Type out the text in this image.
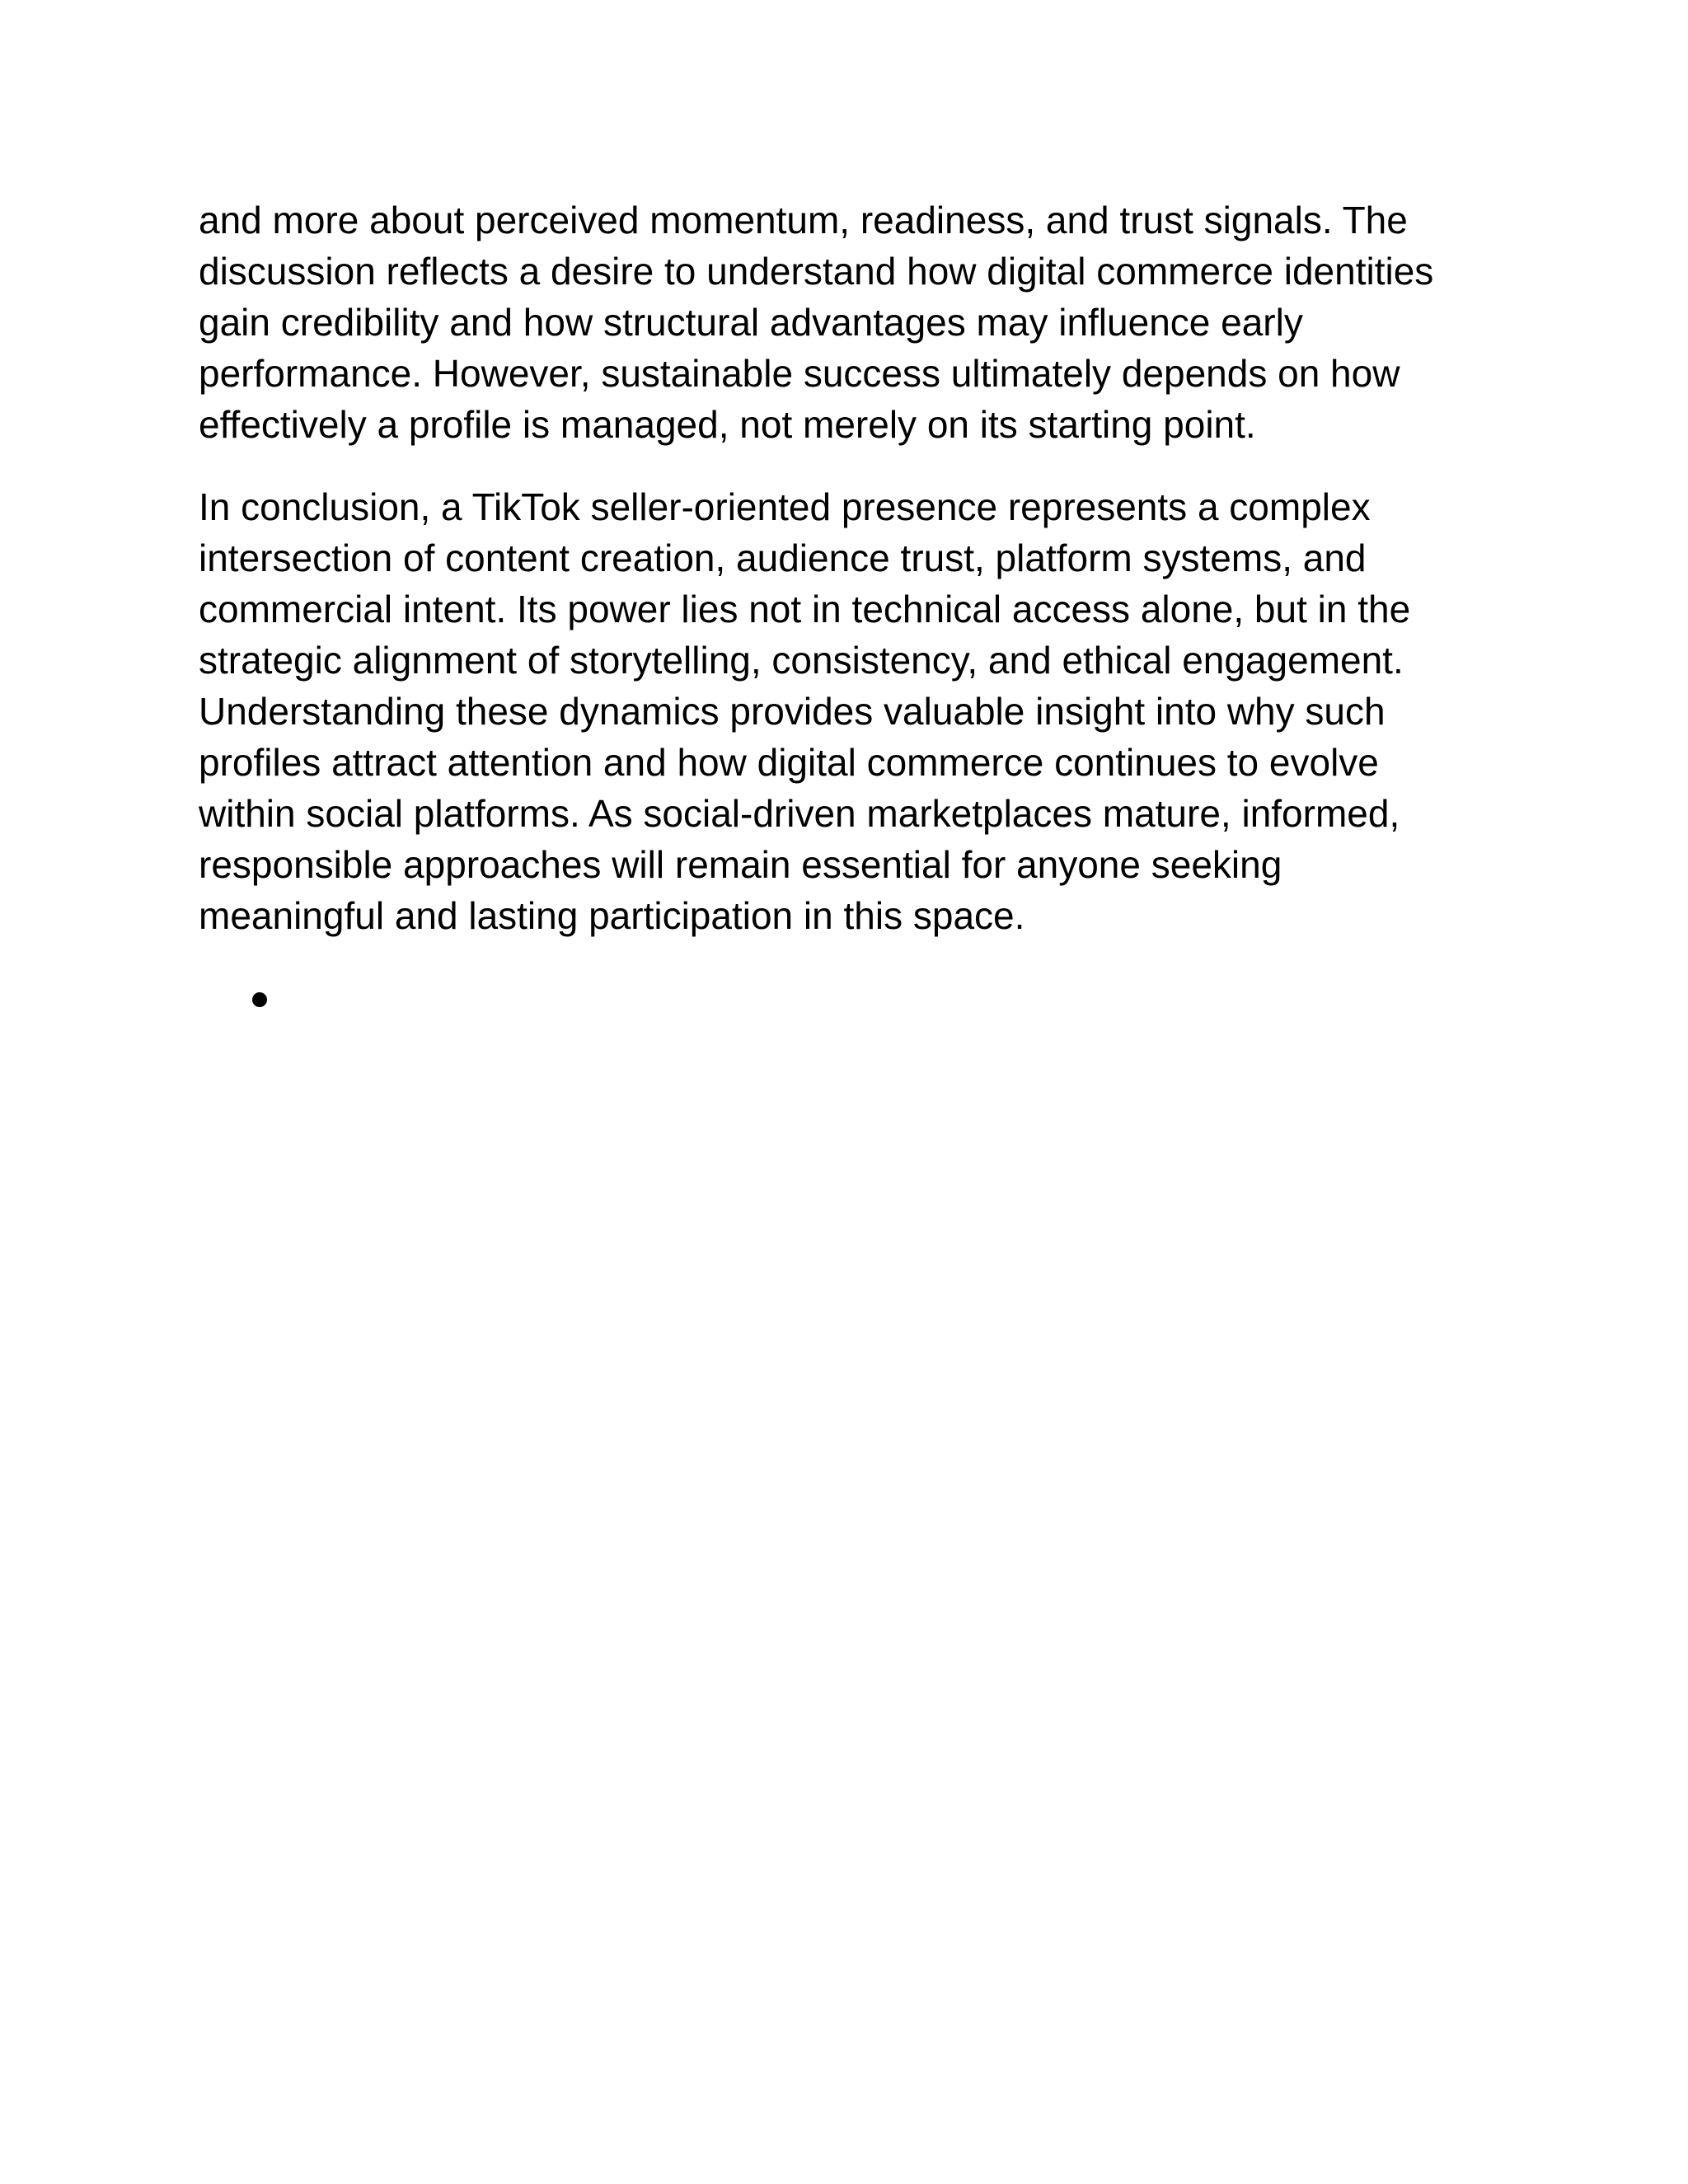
and more about perceived momentum, readiness, and trust signals. The
discussion reflects a desire to understand how digital commerce identities
gain credibility and how structural advantages may influence early
performance. However, sustainable success ultimately depends on how
effectively a profile is managed, not merely on its starting point.

In conclusion, a TikTok seller-oriented presence represents a complex
intersection of content creation, audience trust, platform systems, and
commercial intent. Its power lies not in technical access alone, but in the
strategic alignment of storytelling, consistency, and ethical engagement.
Understanding these dynamics provides valuable insight into why such
profiles attract attention and how digital commerce continues to evolve
within social platforms. As social-driven marketplaces mature, informed,
responsible approaches will remain essential for anyone seeking
meaningful and lasting participation in this space.
